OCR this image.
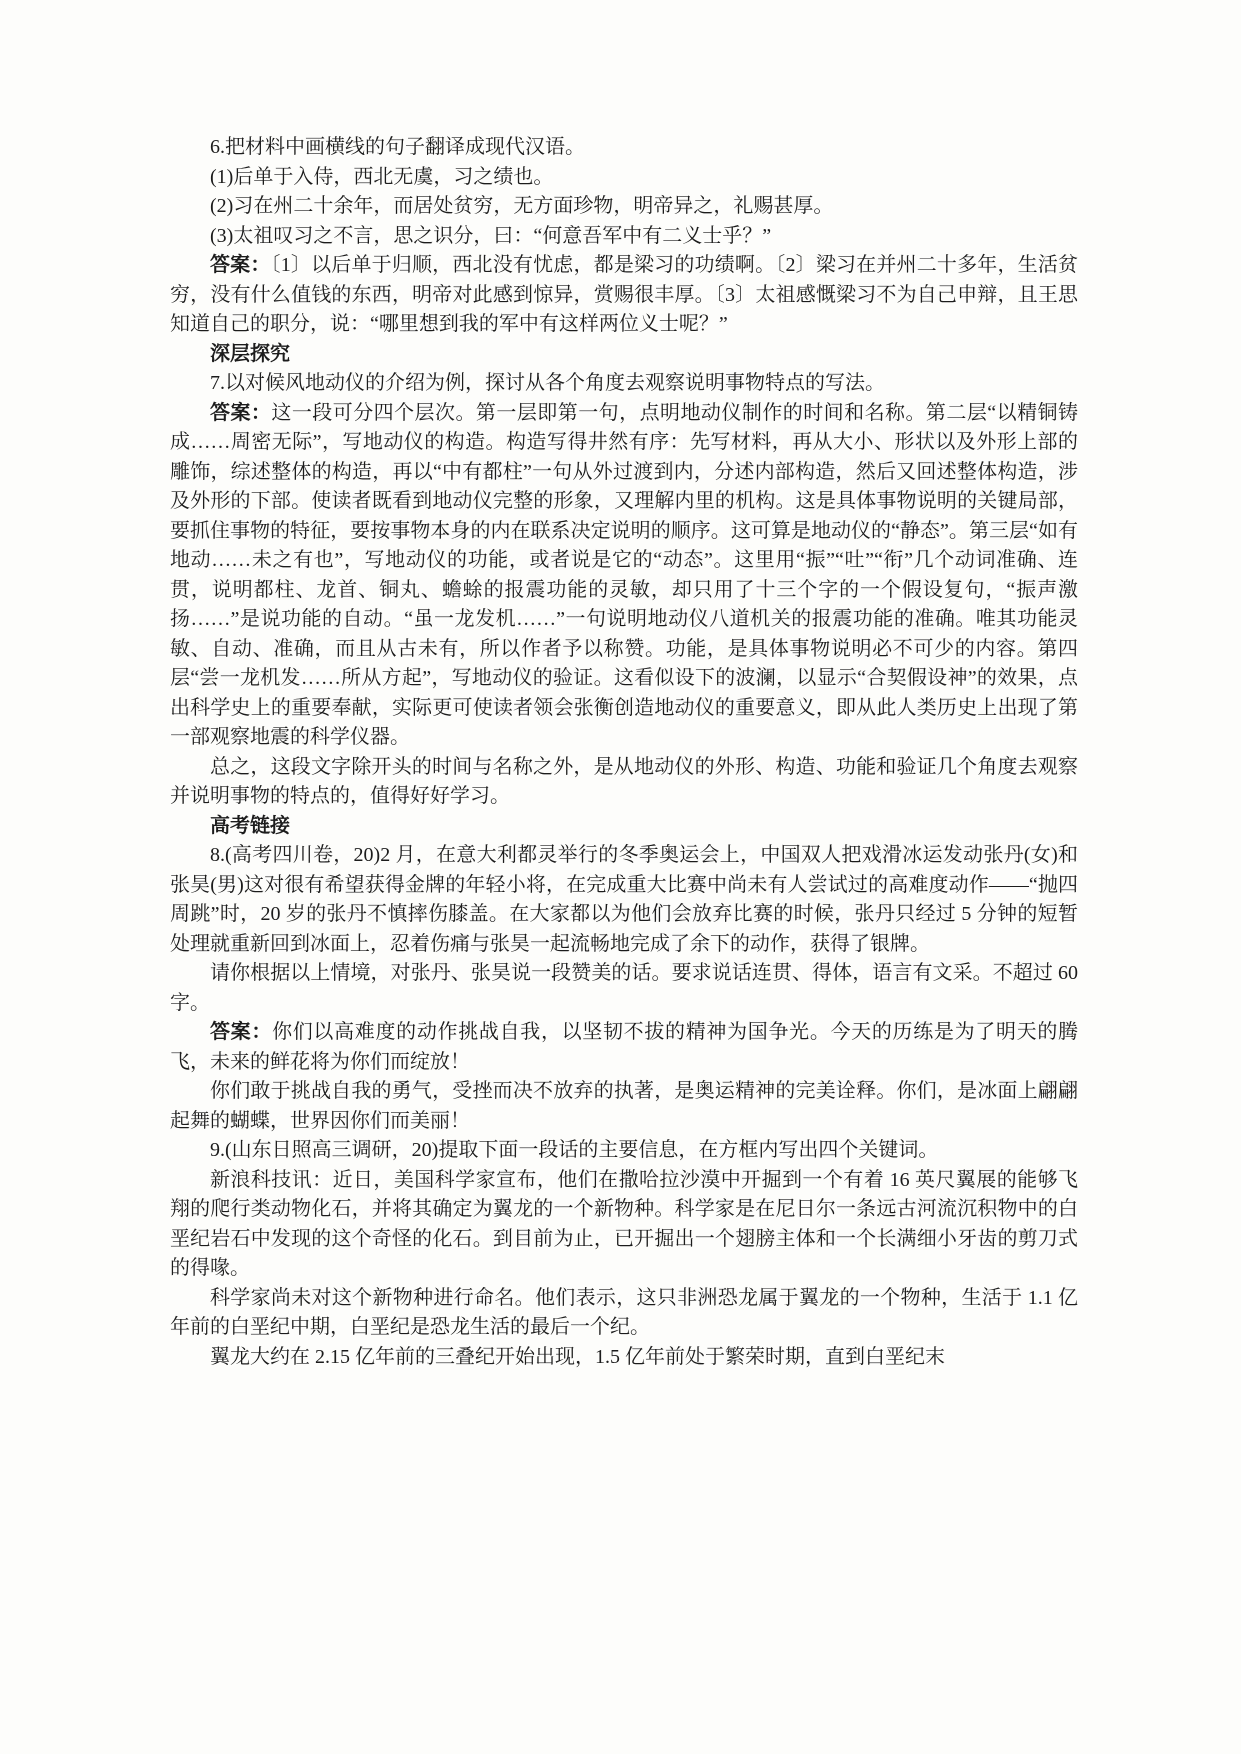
6.把材料中画横线的句子翻译成现代汉语。

(1)后单于入侍，西北无虞，习之绩也。

(2)习在州二十余年，而居处贫穷，无方面珍物，明帝异之，礼赐甚厚。

(3)太祖叹习之不言，思之识分，曰：“何意吾军中有二义士乎？”

答案：〔1〕以后单于归顺，西北没有忧虑，都是梁习的功绩啊。〔2〕梁习在并州二十多年，生活贫穷，没有什么值钱的东西，明帝对此感到惊异，赏赐很丰厚。〔3〕太祖感慨梁习不为自己申辩，且王思知道自己的职分，说：“哪里想到我的军中有这样两位义士呢？”

深层探究

7.以对候风地动仪的介绍为例，探讨从各个角度去观察说明事物特点的写法。

答案：这一段可分四个层次。第一层即第一句，点明地动仪制作的时间和名称。第二层“以精铜铸成……周密无际”，写地动仪的构造。构造写得井然有序：先写材料，再从大小、形状以及外形上部的雕饰，综述整体的构造，再以“中有都柱”一句从外过渡到内，分述内部构造，然后又回述整体构造，涉及外形的下部。使读者既看到地动仪完整的形象，又理解内里的机构。这是具体事物说明的关键局部，要抓住事物的特征，要按事物本身的内在联系决定说明的顺序。这可算是地动仪的“静态”。第三层“如有地动……未之有也”，写地动仪的功能，或者说是它的“动态”。这里用“振”“吐”“衔”几个动词准确、连贯，说明都柱、龙首、铜丸、蟾蜍的报震功能的灵敏，却只用了十三个字的一个假设复句，“振声激扬……”是说功能的自动。“虽一龙发机……”一句说明地动仪八道机关的报震功能的准确。唯其功能灵敏、自动、准确，而且从古未有，所以作者予以称赞。功能，是具体事物说明必不可少的内容。第四层“尝一龙机发……所从方起”，写地动仪的验证。这看似设下的波澜，以显示“合契假设神”的效果，点出科学史上的重要奉献，实际更可使读者领会张衡创造地动仪的重要意义，即从此人类历史上出现了第一部观察地震的科学仪器。

总之，这段文字除开头的时间与名称之外，是从地动仪的外形、构造、功能和验证几个角度去观察并说明事物的特点的，值得好好学习。

高考链接

8.(高考四川卷，20)2 月，在意大利都灵举行的冬季奥运会上，中国双人把戏滑冰运发动张丹(女)和张昊(男)这对很有希望获得金牌的年轻小将，在完成重大比赛中尚未有人尝试过的高难度动作——“抛四周跳”时，20 岁的张丹不慎摔伤膝盖。在大家都以为他们会放弃比赛的时候，张丹只经过 5 分钟的短暂处理就重新回到冰面上，忍着伤痛与张昊一起流畅地完成了余下的动作，获得了银牌。

请你根据以上情境，对张丹、张昊说一段赞美的话。要求说话连贯、得体，语言有文采。不超过 60 字。

答案：你们以高难度的动作挑战自我，以坚韧不拔的精神为国争光。今天的历练是为了明天的腾飞，未来的鲜花将为你们而绽放！

你们敢于挑战自我的勇气，受挫而决不放弃的执著，是奥运精神的完美诠释。你们，是冰面上翩翩起舞的蝴蝶，世界因你们而美丽！

9.(山东日照高三调研，20)提取下面一段话的主要信息，在方框内写出四个关键词。

新浪科技讯：近日，美国科学家宣布，他们在撒哈拉沙漠中开掘到一个有着 16 英尺翼展的能够飞翔的爬行类动物化石，并将其确定为翼龙的一个新物种。科学家是在尼日尔一条远古河流沉积物中的白垩纪岩石中发现的这个奇怪的化石。到目前为止，已开掘出一个翅膀主体和一个长满细小牙齿的剪刀式的得喙。

科学家尚未对这个新物种进行命名。他们表示，这只非洲恐龙属于翼龙的一个物种，生活于 1.1 亿年前的白垩纪中期，白垩纪是恐龙生活的最后一个纪。

翼龙大约在 2.15 亿年前的三叠纪开始出现，1.5 亿年前处于繁荣时期，直到白垩纪末
